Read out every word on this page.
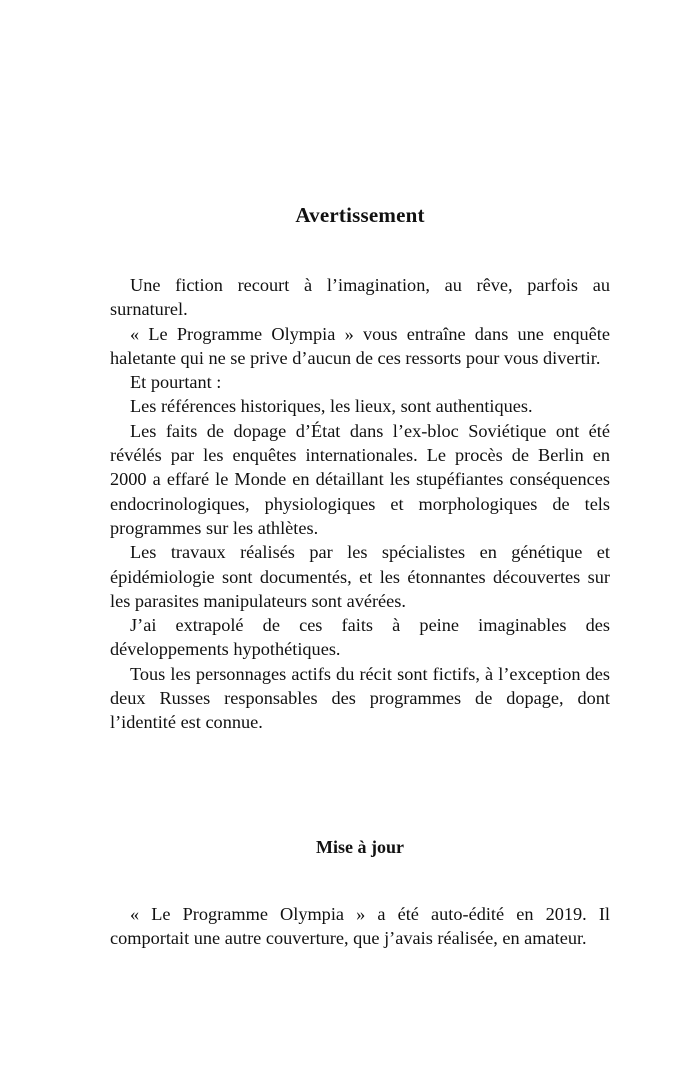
Avertissement

Une fiction recourt à l’imagination, au rêve, parfois au surnaturel.

« Le Programme Olympia » vous entraîne dans une enquête haletante qui ne se prive d’aucun de ces ressorts pour vous divertir.

Et pourtant :

Les références historiques, les lieux, sont authentiques.

Les faits de dopage d’État dans l’ex-bloc Soviétique ont été révélés par les enquêtes internationales. Le procès de Berlin en 2000 a effaré le Monde en détaillant les stupéfiantes conséquences endocrinologiques, physiologiques et morphologiques de tels programmes sur les athlètes.

Les travaux réalisés par les spécialistes en génétique et épidémiologie sont documentés, et les étonnantes découvertes sur les parasites manipulateurs sont avérées.

J’ai extrapolé de ces faits à peine imaginables des développements hypothétiques.

Tous les personnages actifs du récit sont fictifs, à l’exception des deux Russes responsables des programmes de dopage, dont l’identité est connue.

Mise à jour

« Le Programme Olympia » a été auto-édité en 2019. Il comportait une autre couverture, que j’avais réalisée, en amateur.
